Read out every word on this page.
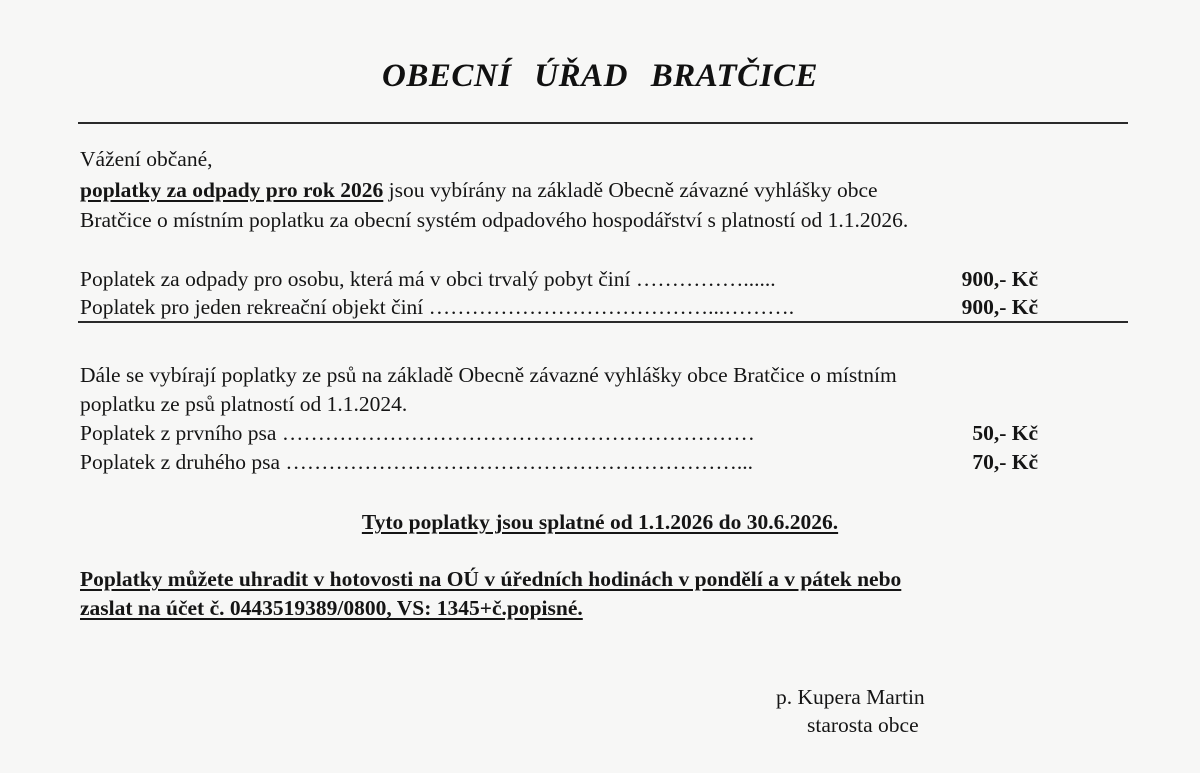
OBECNÍ ÚŘAD BRATČICE
Vážení občané,
poplatky za odpady pro rok 2026 jsou vybírány na základě Obecně závazné vyhlášky obce
Bratčice o místním poplatku za obecní systém odpadového hospodářství s platností od 1.1.2026.
Poplatek za odpady pro osobu, která má v obci trvalý pobyt činí ……………......	900,- Kč
Poplatek pro jeden rekreační objekt činí …………………………………...……….	900,- Kč
Dále se vybírají poplatky ze psů na základě Obecně závazné vyhlášky obce Bratčice o místním
poplatku ze psů platností od 1.1.2024.
Poplatek z prvního psa …………………………………………………………	50,- Kč
Poplatek z druhého psa ………………………………………………………...	70,- Kč
Tyto poplatky jsou splatné od 1.1.2026 do 30.6.2026.
Poplatky můžete uhradit v hotovosti na OÚ v úředních hodinách v pondělí a v pátek nebo
zaslat na účet č. 0443519389/0800, VS: 1345+č.popisné.
p. Kupera Martin
starosta obce
